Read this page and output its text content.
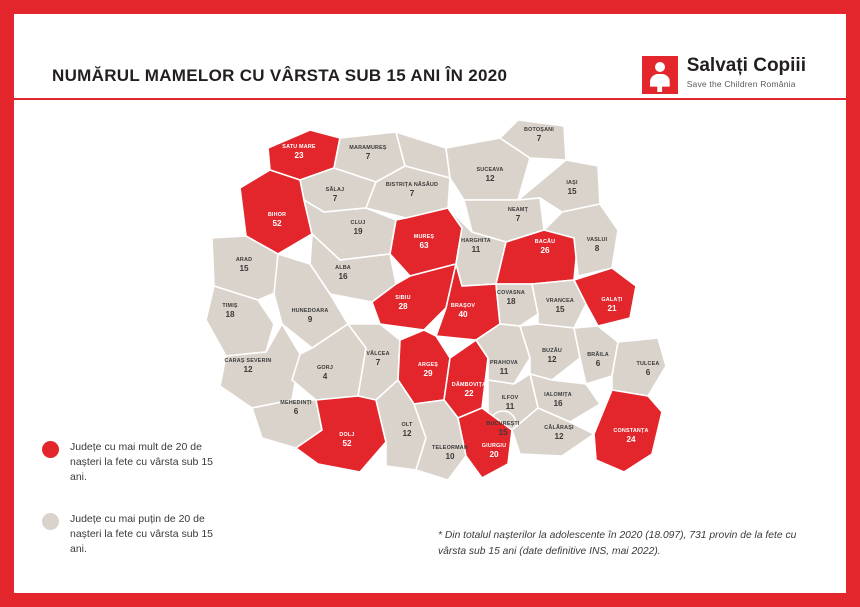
NUMĂRUL MAMELOR CU VÂRSTA SUB 15 ANI ÎN 2020	Salvați Copiii
Save the Children România
SATU MARE
23
MARAMUREȘ
7
BOTOȘANI
7
SUCEAVA
12
SĂLAJ
7
BISTRIȚA NĂSĂUD
7
IAȘI
15
BIHOR
52	CLUJ
19
NEAMȚ
7
MUREȘ
63	HARGHITA
11
BACĂU
26
VASLUI
8
ARAD
15	ALBA
16
SIBIU
28	BRAȘOV
40
COVASNA
18	VRANCEA
15
GALAȚI
21
TIMIȘ
18	HUNEDOARA
9
CARAȘ SEVERIN
12	GORJ
4
VÂLCEA
7	ARGEȘ
29
DÂMBOVIȚA
22
PRAHOVA
11
BUZĂU
12	BRĂILA
6	TULCEA
6
IALOMIȚA
16
ILFOV
11
BUCUREȘTI
15
MEHEDINȚI
6
OLT
12
DOLJ
52
TELEORMAN
10
GIURGIU
20
CĂLĂRAȘI
12
CONSTANȚA
24
Județe cu mai mult de 20 de nașteri la fete cu vârsta sub 15 ani.
Județe cu mai puțin de 20 de nașteri la fete cu vârsta sub 15 ani.
* Din totalul nașterilor la adolescente în 2020 (18.097), 731 provin de la fete cu vârsta sub 15 ani (date definitive INS, mai 2022).
